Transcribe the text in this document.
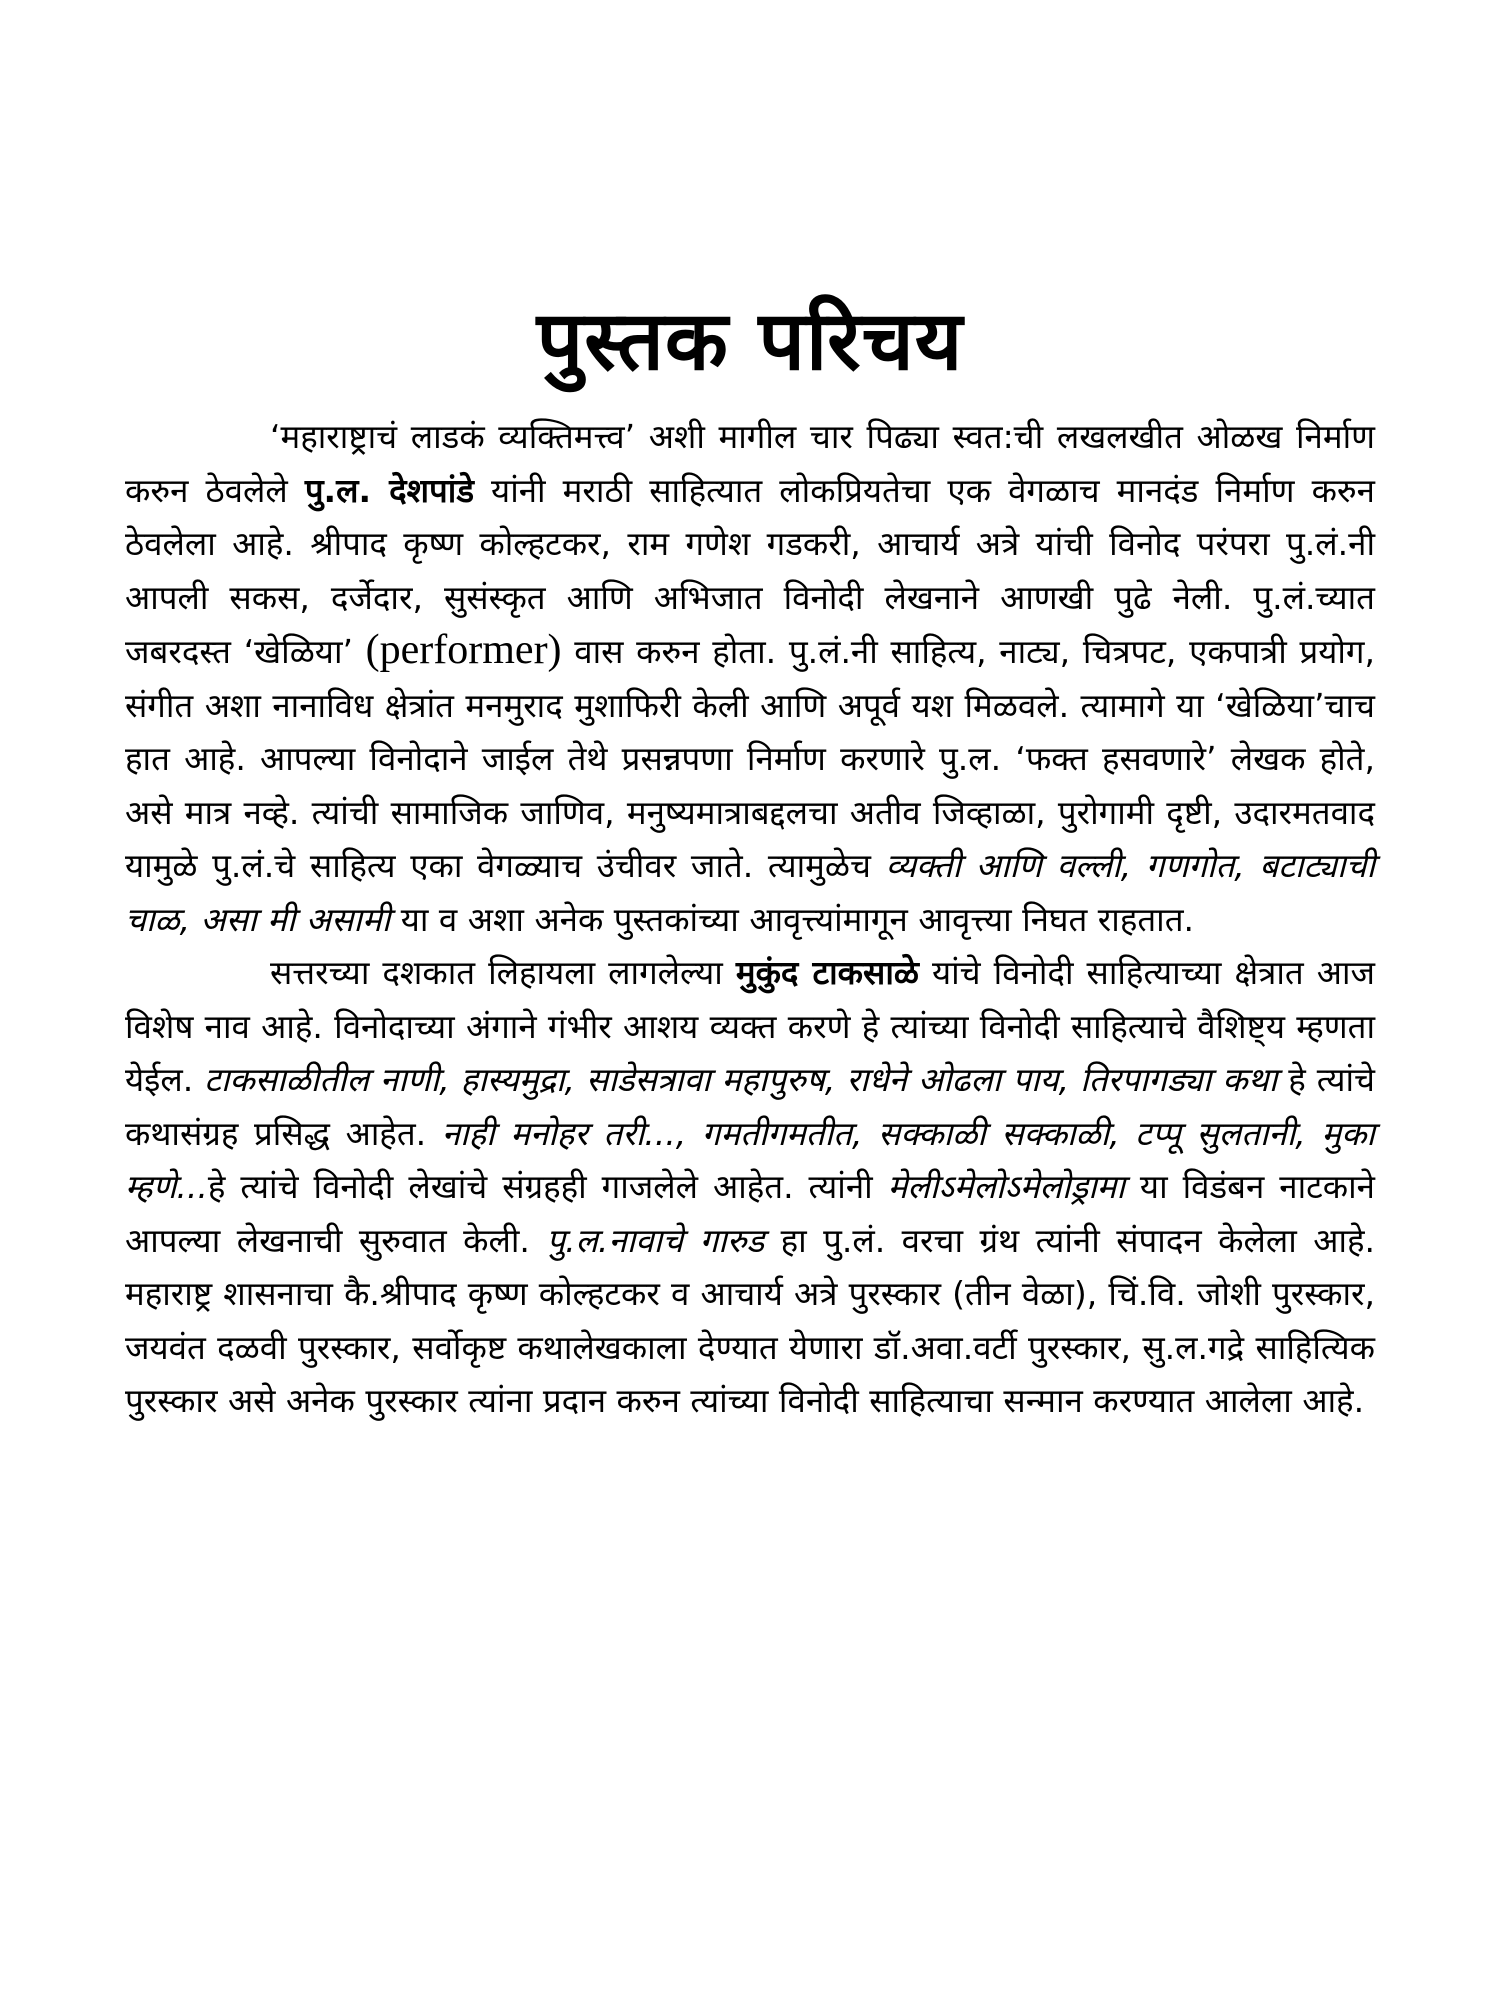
पुस्तक परिचय

‘महाराष्ट्राचं लाडकं व्यक्तिमत्त्व’ अशी मागील चार पिढ्या स्वत:ची लखलखीत ओळख निर्माण करुन ठेवलेले पु.ल. देशपांडे यांनी मराठी साहित्यात लोकप्रियतेचा एक वेगळाच मानदंड निर्माण करुन ठेवलेला आहे. श्रीपाद कृष्ण कोल्हटकर, राम गणेश गडकरी, आचार्य अत्रे यांची विनोद परंपरा पु.लं.नी आपली सकस, दर्जेदार, सुसंस्कृत आणि अभिजात विनोदी लेखनाने आणखी पुढे नेली. पु.लं.च्यात जबरदस्त ‘खेळिया’ (performer) वास करुन होता. पु.लं.नी साहित्य, नाट्य, चित्रपट, एकपात्री प्रयोग, संगीत अशा नानाविध क्षेत्रांत मनमुराद मुशाफिरी केली आणि अपूर्व यश मिळवले. त्यामागे या ‘खेळिया’चाच हात आहे. आपल्या विनोदाने जाईल तेथे प्रसन्नपणा निर्माण करणारे पु.ल. ‘फक्त हसवणारे’ लेखक होते, असे मात्र नव्हे. त्यांची सामाजिक जाणिव, मनुष्यमात्राबद्दलचा अतीव जिव्हाळा, पुरोगामी दृष्टी, उदारमतवाद यामुळे पु.लं.चे साहित्य एका वेगळ्याच उंचीवर जाते. त्यामुळेच व्यक्ती आणि वल्ली, गणगोत, बटाट्याची चाळ, असा मी असामी या व अशा अनेक पुस्तकांच्या आवृत्त्यांमागून आवृत्त्या निघत राहतात.

सत्तरच्या दशकात लिहायला लागलेल्या मुकुंद टाकसाळे यांचे विनोदी साहित्याच्या क्षेत्रात आज विशेष नाव आहे. विनोदाच्या अंगाने गंभीर आशय व्यक्त करणे हे त्यांच्या विनोदी साहित्याचे वैशिष्ट्य म्हणता येईल. टाकसाळीतील नाणी, हास्यमुद्रा, साडेसत्रावा महापुरुष, राधेने ओढला पाय, तिरपागड्या कथा हे त्यांचे कथासंग्रह प्रसिद्ध आहेत. नाही मनोहर तरी..., गमतीगमतीत, सक्काळी सक्काळी, टप्पू सुलतानी, मुका म्हणे...हे त्यांचे विनोदी लेखांचे संग्रहही गाजलेले आहेत. त्यांनी मेलीऽमेलोऽमेलोड्रामा या विडंबन नाटकाने आपल्या लेखनाची सुरुवात केली. पु.ल.नावाचे गारुड हा पु.लं. वरचा ग्रंथ त्यांनी संपादन केलेला आहे. महाराष्ट्र शासनाचा कै.श्रीपाद कृष्ण कोल्हटकर व आचार्य अत्रे पुरस्कार (तीन वेळा), चिं.वि. जोशी पुरस्कार, जयवंत दळवी पुरस्कार, सर्वोकृष्ट कथालेखकाला देण्यात येणारा डॉ.अवा.वर्टी पुरस्कार, सु.ल.गद्रे साहित्यिक पुरस्कार असे अनेक पुरस्कार त्यांना प्रदान करुन त्यांच्या विनोदी साहित्याचा सन्मान करण्यात आलेला आहे.
